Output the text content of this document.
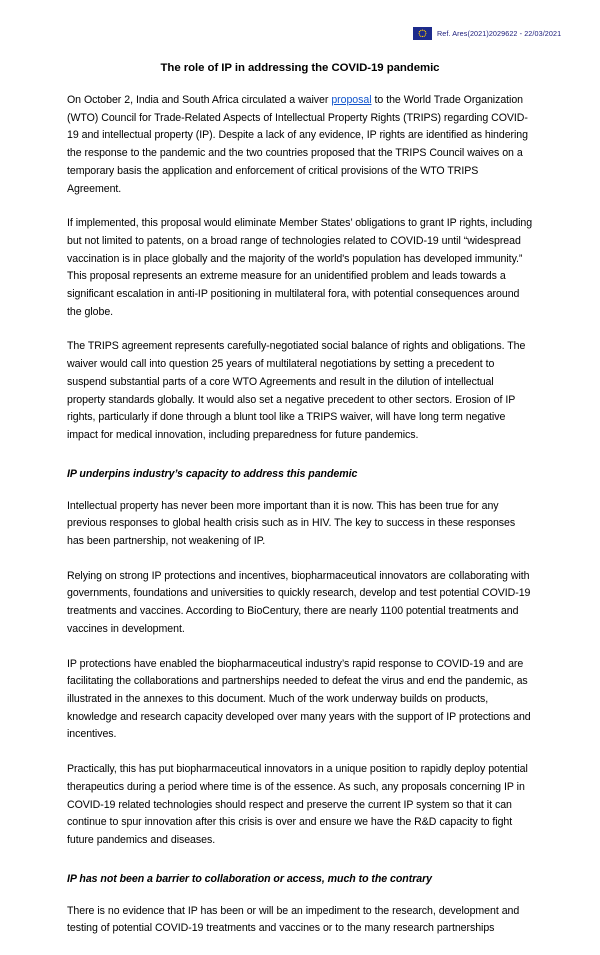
Ref. Ares(2021)2029622 - 22/03/2021
The role of IP in addressing the COVID-19 pandemic

On October 2, India and South Africa circulated a waiver proposal to the World Trade Organization (WTO) Council for Trade-Related Aspects of Intellectual Property Rights (TRIPS) regarding COVID-19 and intellectual property (IP). Despite a lack of any evidence, IP rights are identified as hindering the response to the pandemic and the two countries proposed that the TRIPS Council waives on a temporary basis the application and enforcement of critical provisions of the WTO TRIPS Agreement.

If implemented, this proposal would eliminate Member States’ obligations to grant IP rights, including but not limited to patents, on a broad range of technologies related to COVID-19 until “widespread vaccination is in place globally and the majority of the world's population has developed immunity.” This proposal represents an extreme measure for an unidentified problem and leads towards a significant escalation in anti-IP positioning in multilateral fora, with potential consequences around the globe.

The TRIPS agreement represents carefully-negotiated social balance of rights and obligations. The waiver would call into question 25 years of multilateral negotiations by setting a precedent to suspend substantial parts of a core WTO Agreements and result in the dilution of intellectual property standards globally. It would also set a negative precedent to other sectors. Erosion of IP rights, particularly if done through a blunt tool like a TRIPS waiver, will have long term negative impact for medical innovation, including preparedness for future pandemics.

IP underpins industry’s capacity to address this pandemic

Intellectual property has never been more important than it is now. This has been true for any previous responses to global health crisis such as in HIV. The key to success in these responses has been partnership, not weakening of IP.

Relying on strong IP protections and incentives, biopharmaceutical innovators are collaborating with governments, foundations and universities to quickly research, develop and test potential COVID-19 treatments and vaccines. According to BioCentury, there are nearly 1100 potential treatments and vaccines in development.

IP protections have enabled the biopharmaceutical industry’s rapid response to COVID-19 and are facilitating the collaborations and partnerships needed to defeat the virus and end the pandemic, as illustrated in the annexes to this document. Much of the work underway builds on products, knowledge and research capacity developed over many years with the support of IP protections and incentives.

Practically, this has put biopharmaceutical innovators in a unique position to rapidly deploy potential therapeutics during a period where time is of the essence. As such, any proposals concerning IP in COVID-19 related technologies should respect and preserve the current IP system so that it can continue to spur innovation after this crisis is over and ensure we have the R&D capacity to fight future pandemics and diseases.

IP has not been a barrier to collaboration or access, much to the contrary

There is no evidence that IP has been or will be an impediment to the research, development and testing of potential COVID-19 treatments and vaccines or to the many research partnerships
